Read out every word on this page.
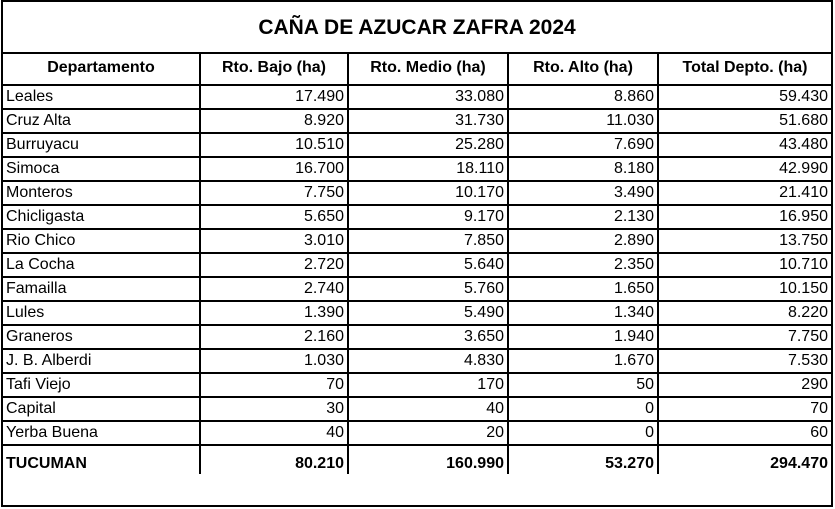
CAÑA DE AZUCAR ZAFRA 2024
Departamento	Rto. Bajo (ha)	Rto. Medio (ha)	Rto. Alto (ha)	Total Depto. (ha)
Leales	17.490	33.080	8.860	59.430
Cruz Alta	8.920	31.730	11.030	51.680
Burruyacu	10.510	25.280	7.690	43.480
Simoca	16.700	18.110	8.180	42.990
Monteros	7.750	10.170	3.490	21.410
Chicligasta	5.650	9.170	2.130	16.950
Rio Chico	3.010	7.850	2.890	13.750
La Cocha	2.720	5.640	2.350	10.710
Famailla	2.740	5.760	1.650	10.150
Lules	1.390	5.490	1.340	8.220
Graneros	2.160	3.650	1.940	7.750
J. B. Alberdi	1.030	4.830	1.670	7.530
Tafi Viejo	70	170	50	290
Capital	30	40	0	70
Yerba Buena	40	20	0	60
TUCUMAN	80.210	160.990	53.270	294.470
